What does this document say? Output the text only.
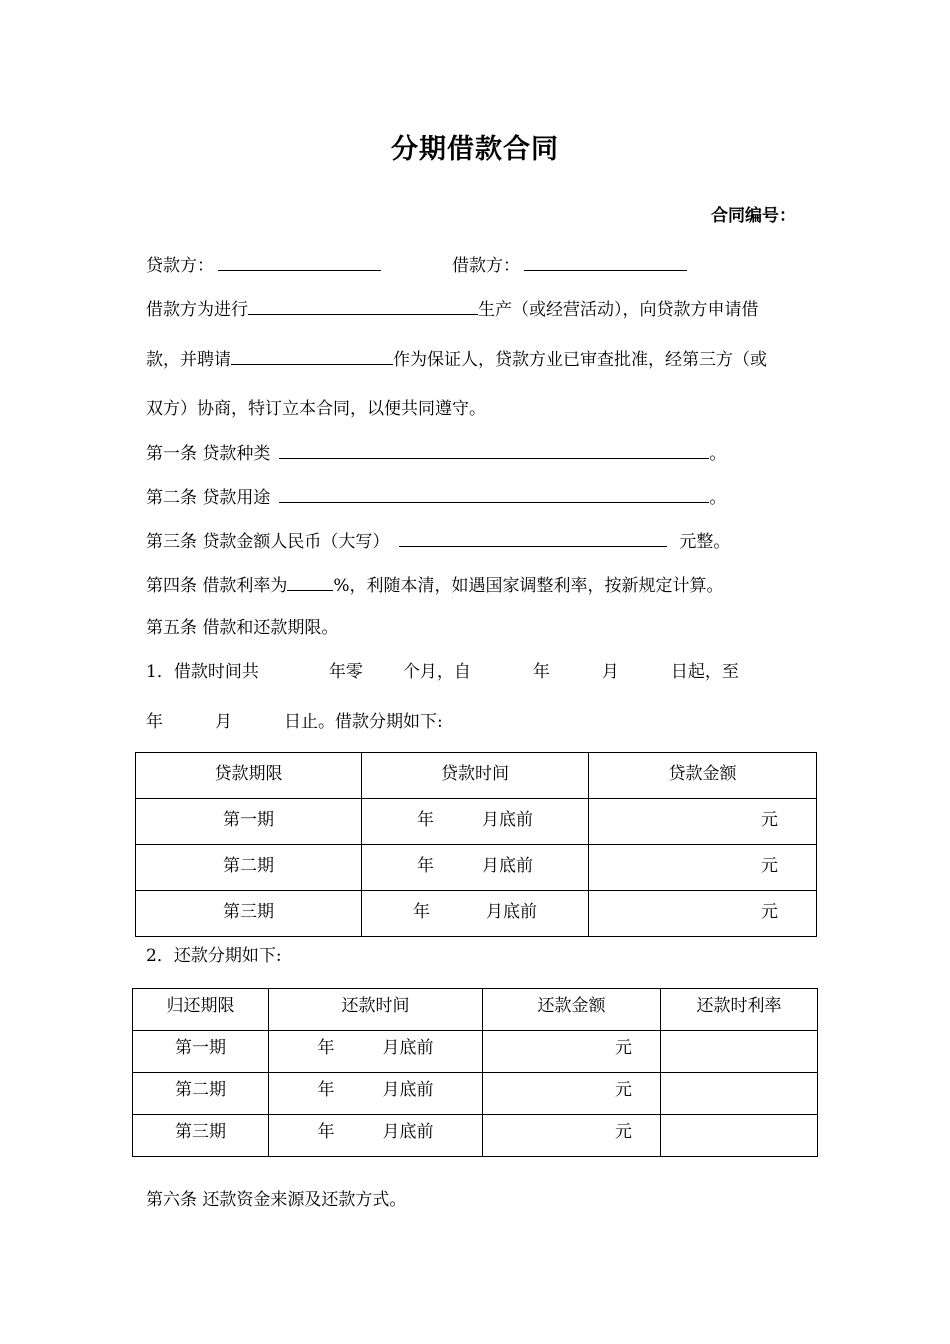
分期借款合同
合同编号：
贷款方：	借款方：
借款方为进行	生产（或经营活动），向贷款方申请借
款，并聘请	作为保证人，贷款方业已审查批准，经第三方（或
双方）协商，特订立本合同，以便共同遵守。
第一条 贷款种类	。
第二条 贷款用途	。
第三条 贷款金额人民币（大写）	元整。
第四条 借款利率为	%，利随本清，如遇国家调整利率，按新规定计算。
第五条 借款和还款期限。
1．借款时间共	年零 个月，自	年	月	日起，至
年	月	日止。借款分期如下:
贷款期限	贷款时间	贷款金额
第一期	年 月底前	元
第二期	年 月底前	元
第三期	年 月底前	元
2．还款分期如下:
归还期限	还款时间	还款金额	还款时利率
第一期	年 月底前	元	
第二期	年 月底前	元	
第三期	年 月底前	元	
第六条 还款资金来源及还款方式。
